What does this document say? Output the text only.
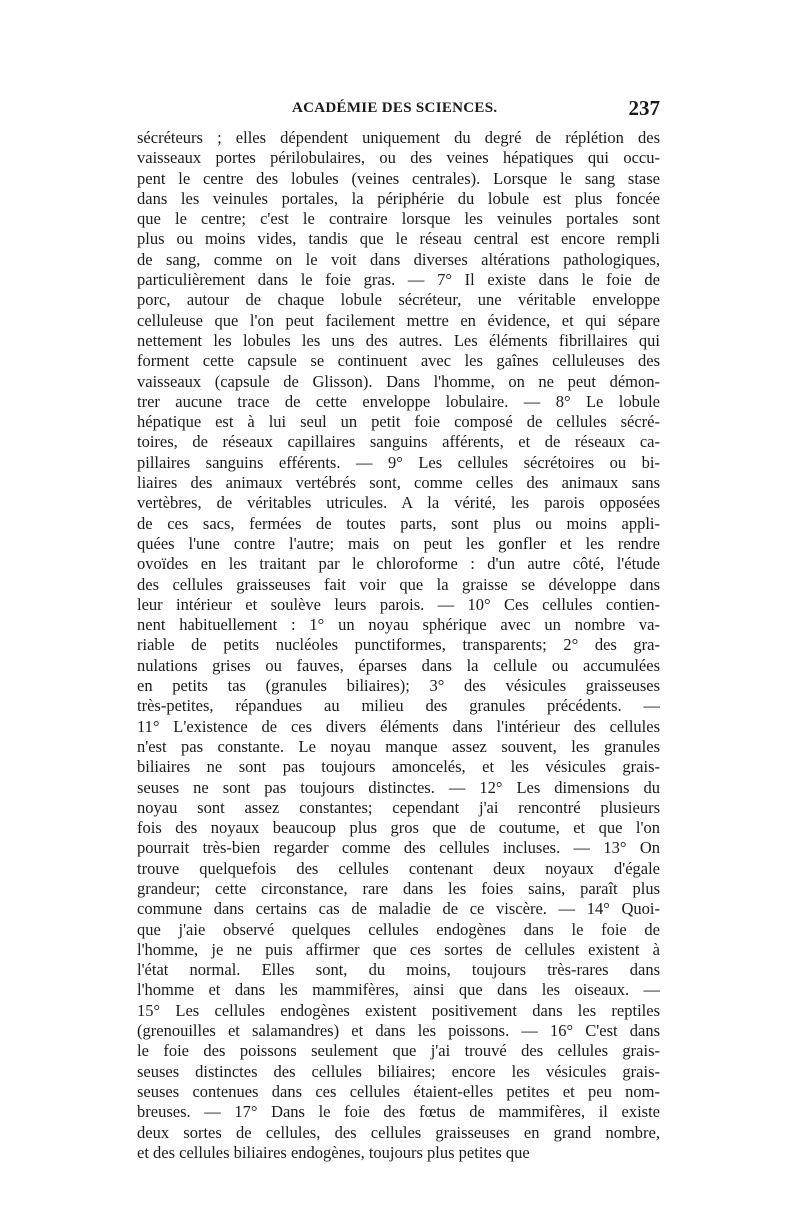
ACADÉMIE DES SCIENCES.	237
sécréteurs ; elles dépendent uniquement du degré de réplétion des
vaisseaux portes périlobulaires, ou des veines hépatiques qui occu-
pent le centre des lobules (veines centrales). Lorsque le sang stase
dans les veinules portales, la périphérie du lobule est plus foncée
que le centre; c'est le contraire lorsque les veinules portales sont
plus ou moins vides, tandis que le réseau central est encore rempli
de sang, comme on le voit dans diverses altérations pathologiques,
particulièrement dans le foie gras. — 7° Il existe dans le foie de
porc, autour de chaque lobule sécréteur, une véritable enveloppe
celluleuse que l'on peut facilement mettre en évidence, et qui sépare
nettement les lobules les uns des autres. Les éléments fibrillaires qui
forment cette capsule se continuent avec les gaînes celluleuses des
vaisseaux (capsule de Glisson). Dans l'homme, on ne peut démon-
trer aucune trace de cette enveloppe lobulaire. — 8° Le lobule
hépatique est à lui seul un petit foie composé de cellules sécré-
toires, de réseaux capillaires sanguins afférents, et de réseaux ca-
pillaires sanguins efférents. — 9° Les cellules sécrétoires ou bi-
liaires des animaux vertébrés sont, comme celles des animaux sans
vertèbres, de véritables utricules. A la vérité, les parois opposées
de ces sacs, fermées de toutes parts, sont plus ou moins appli-
quées l'une contre l'autre; mais on peut les gonfler et les rendre
ovoïdes en les traitant par le chloroforme : d'un autre côté, l'étude
des cellules graisseuses fait voir que la graisse se développe dans
leur intérieur et soulève leurs parois. — 10° Ces cellules contien-
nent habituellement : 1° un noyau sphérique avec un nombre va-
riable de petits nucléoles punctiformes, transparents; 2° des gra-
nulations grises ou fauves, éparses dans la cellule ou accumulées
en petits tas (granules biliaires); 3° des vésicules graisseuses
très-petites, répandues au milieu des granules précédents. —
11° L'existence de ces divers éléments dans l'intérieur des cellules
n'est pas constante. Le noyau manque assez souvent, les granules
biliaires ne sont pas toujours amoncelés, et les vésicules grais-
seuses ne sont pas toujours distinctes. — 12° Les dimensions du
noyau sont assez constantes; cependant j'ai rencontré plusieurs
fois des noyaux beaucoup plus gros que de coutume, et que l'on
pourrait très-bien regarder comme des cellules incluses. — 13° On
trouve quelquefois des cellules contenant deux noyaux d'égale
grandeur; cette circonstance, rare dans les foies sains, paraît plus
commune dans certains cas de maladie de ce viscère. — 14° Quoi-
que j'aie observé quelques cellules endogènes dans le foie de
l'homme, je ne puis affirmer que ces sortes de cellules existent à
l'état normal. Elles sont, du moins, toujours très-rares dans
l'homme et dans les mammifères, ainsi que dans les oiseaux. —
15° Les cellules endogènes existent positivement dans les reptiles
(grenouilles et salamandres) et dans les poissons. — 16° C'est dans
le foie des poissons seulement que j'ai trouvé des cellules grais-
seuses distinctes des cellules biliaires; encore les vésicules grais-
seuses contenues dans ces cellules étaient-elles petites et peu nom-
breuses. — 17° Dans le foie des fœtus de mammifères, il existe
deux sortes de cellules, des cellules graisseuses en grand nombre,
et des cellules biliaires endogènes, toujours plus petites que
